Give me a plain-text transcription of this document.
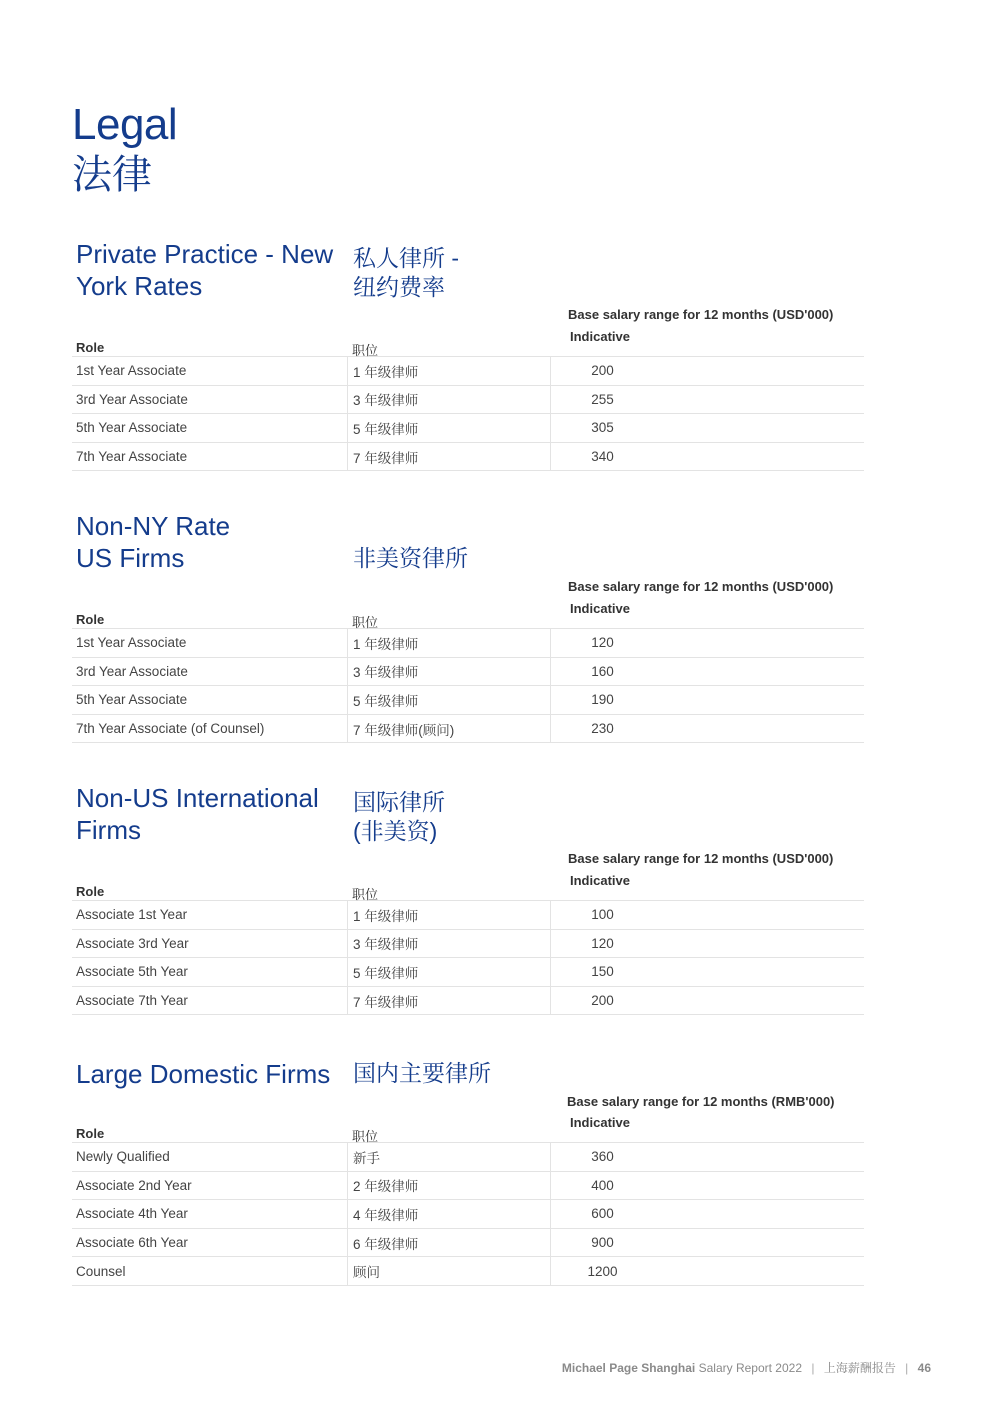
Legal
法律
Private Practice - New York Rates
私人律所 - 纽约费率
Base salary range for 12 months (USD'000)
Role	职位
Indicative
1st Year Associate	1 年级律师	200
3rd Year Associate	3 年级律师	255
5th Year Associate	5 年级律师	305
7th Year Associate	7 年级律师	340
Non-NY Rate US Firms	非美资律所
Base salary range for 12 months (USD'000)
Role	职位
Indicative
1st Year Associate	1 年级律师	120
3rd Year Associate	3 年级律师	160
5th Year Associate	5 年级律师	190
7th Year Associate (of Counsel)	7 年级律师(顾问)	230
Non-US International Firms
国际律所 (非美资)
Base salary range for 12 months (USD'000)
Role	职位
Indicative
Associate 1st Year	1 年级律师	100
Associate 3rd Year	3 年级律师	120
Associate 5th Year	5 年级律师	150
Associate 7th Year	7 年级律师	200
Large Domestic Firms 国内主要律所
Base salary range for 12 months (RMB'000)
Role	职位
Indicative
Newly Qualified	新手	360
Associate 2nd Year	2 年级律师	400
Associate 4th Year	4 年级律师	600
Associate 6th Year	6 年级律师	900
Counsel	顾问	1200
Michael Page Shanghai Salary Report 2022 | 上海薪酬报告 | 46
